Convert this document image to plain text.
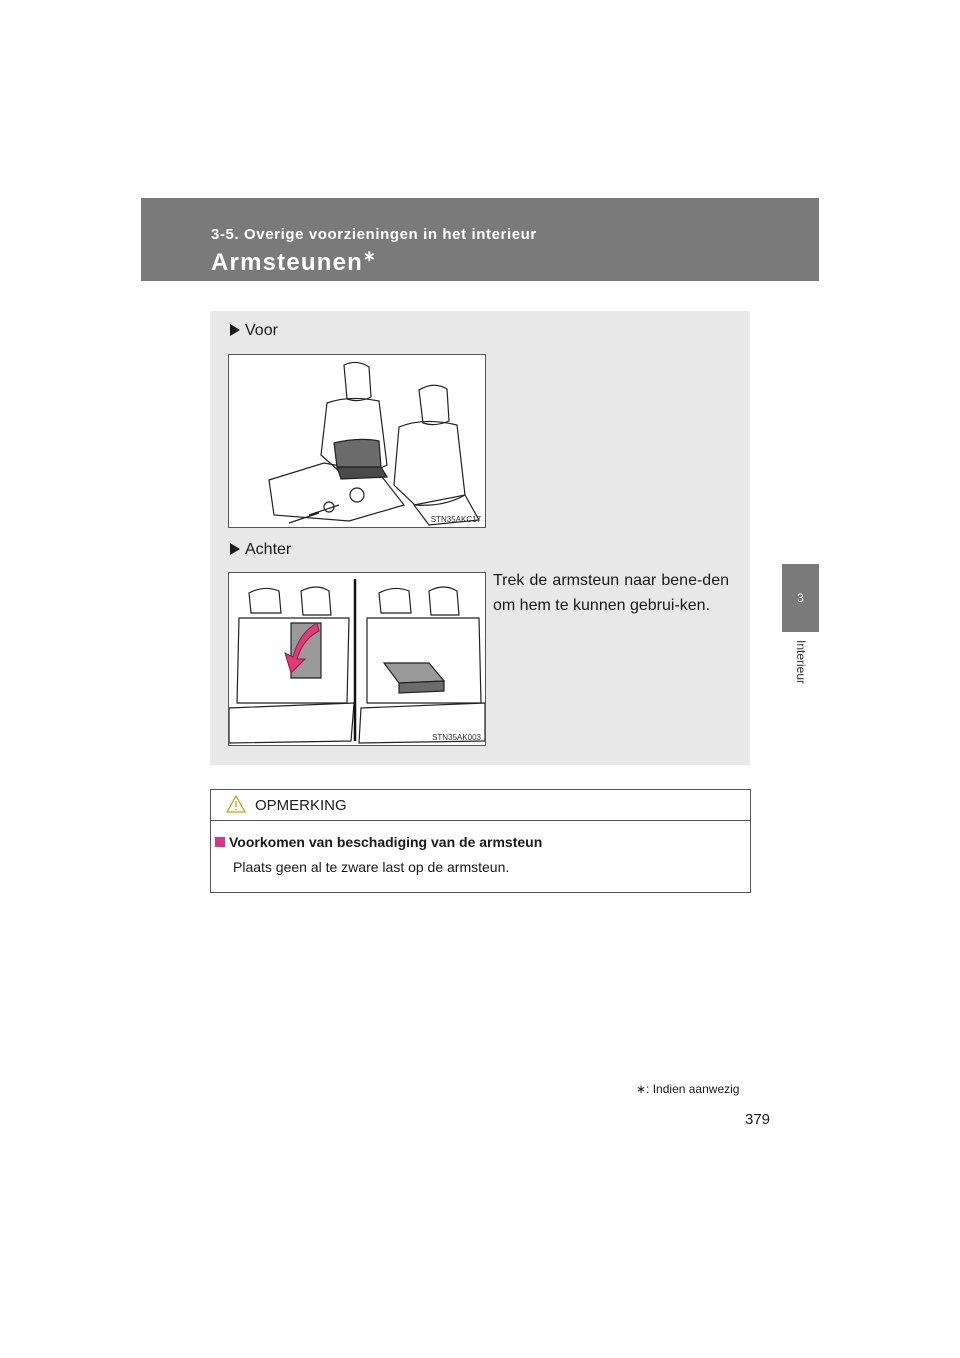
3-5. Overige voorzieningen in het interieur
Armsteunen∗
3
Interieur
Voor
STN35AKC17
Achter
STN35AK003
Trek de armsteun naar bene-den om hem te kunnen gebrui-ken.
OPMERKING
Voorkomen van beschadiging van de armsteun
Plaats geen al te zware last op de armsteun.
∗: Indien aanwezig
379
